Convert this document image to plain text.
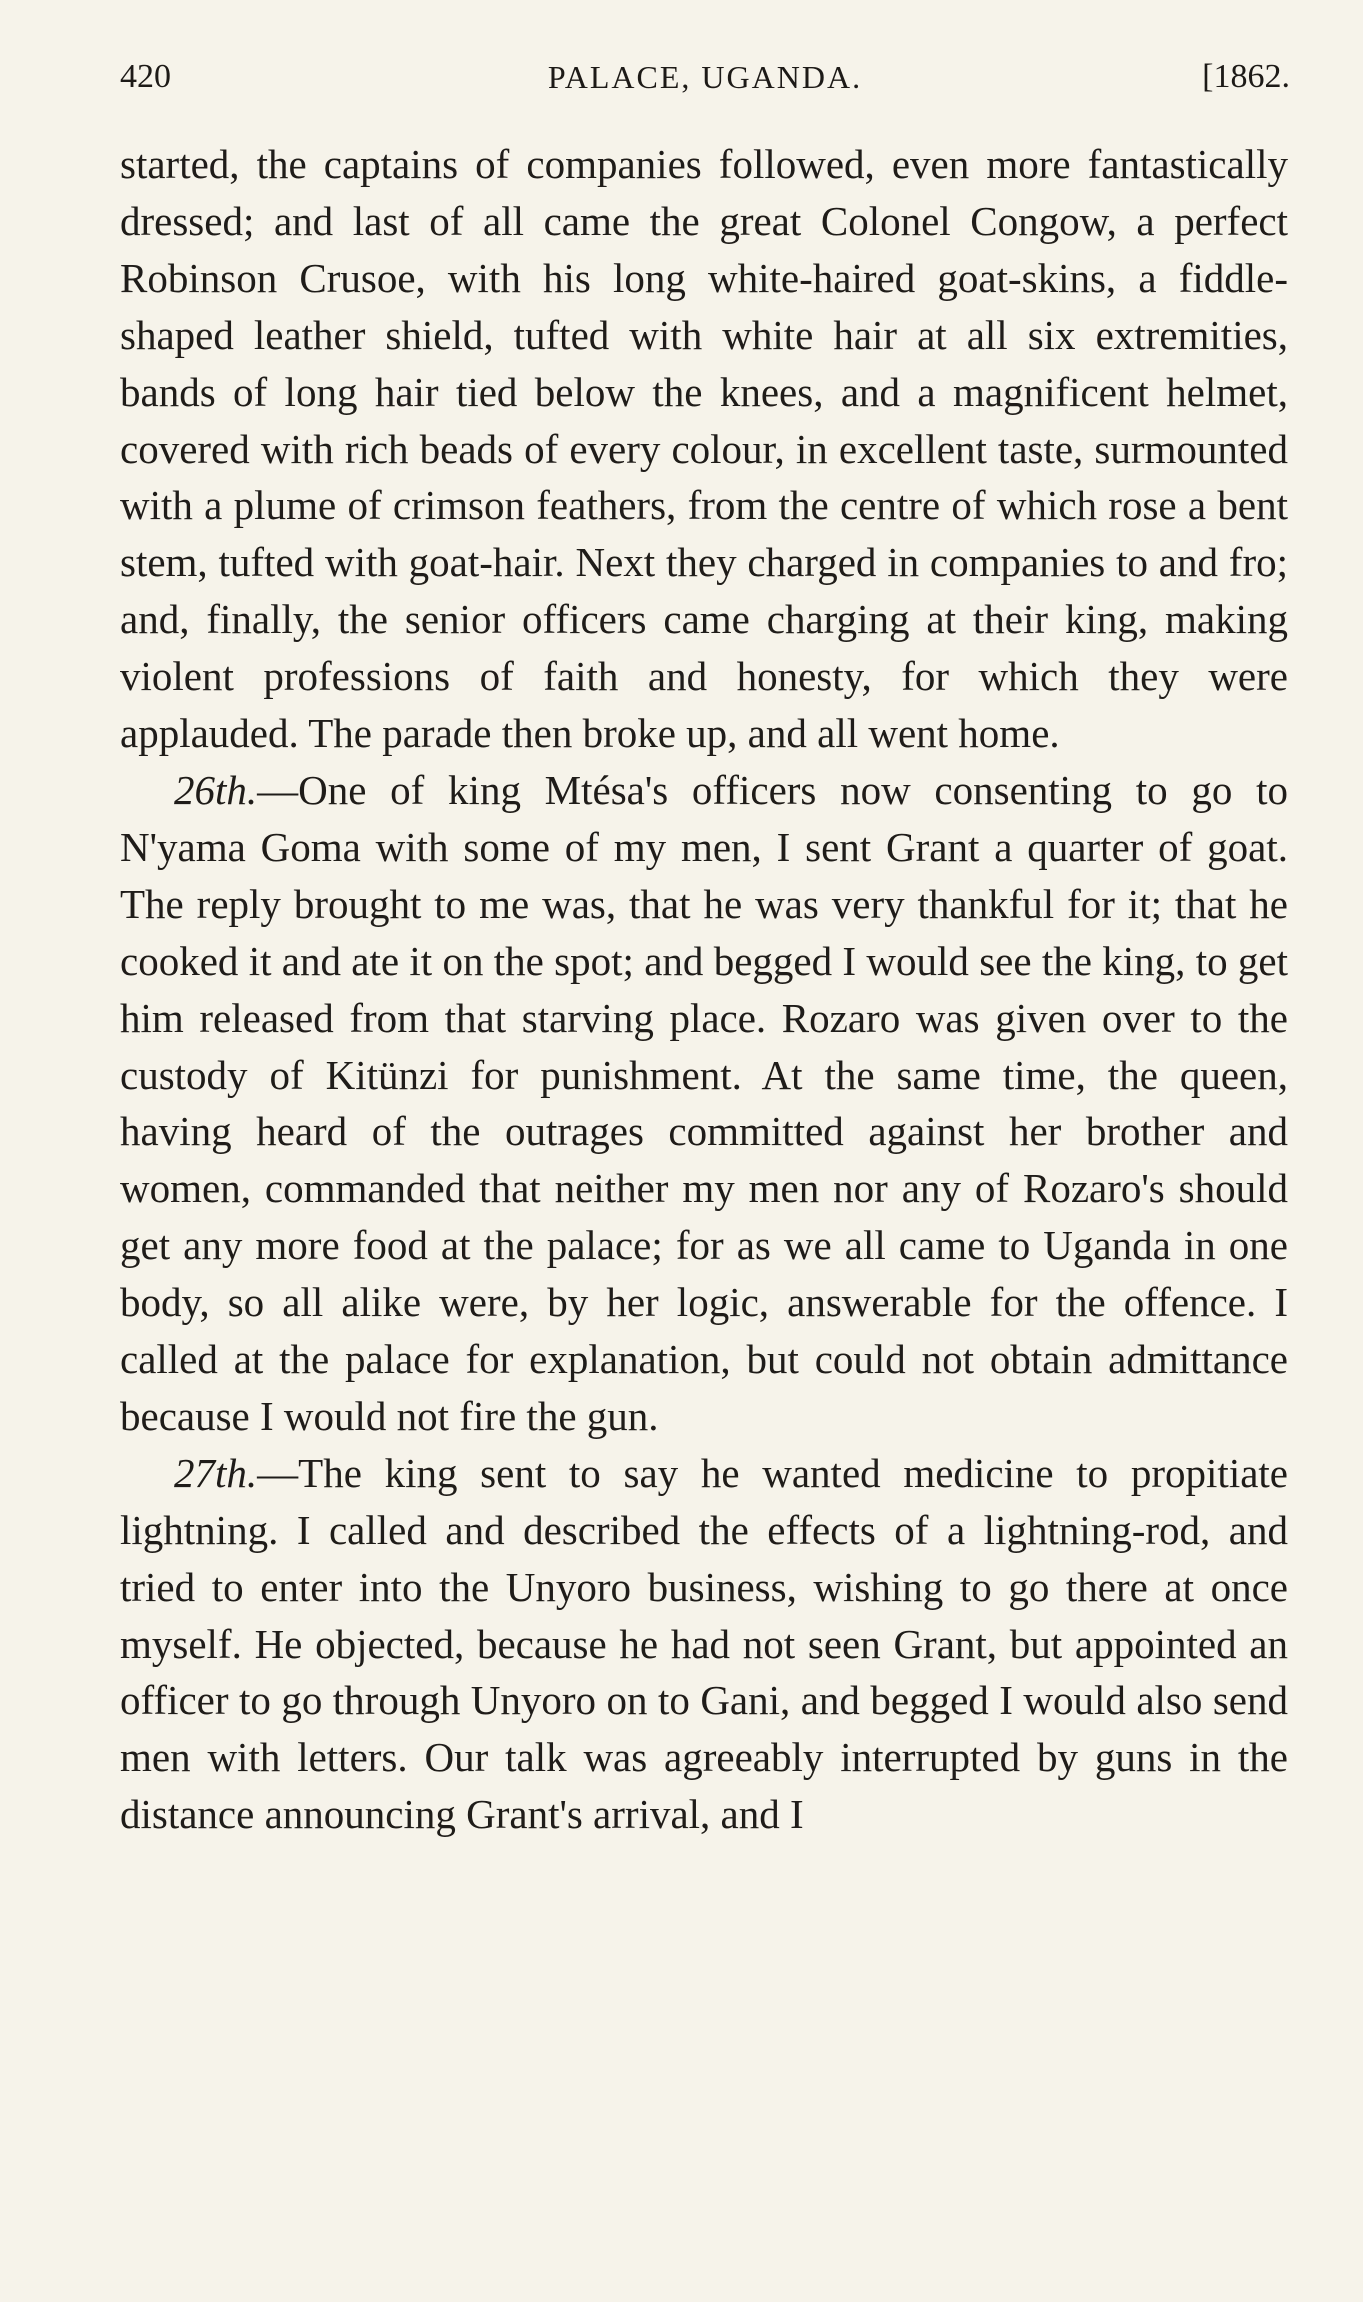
420	PALACE, UGANDA.	[1862.

started, the captains of companies followed, even more fantastically dressed; and last of all came the great Colonel Congow, a perfect Robinson Crusoe, with his long white-haired goat-skins, a fiddle-shaped leather shield, tufted with white hair at all six extremities, bands of long hair tied below the knees, and a magnificent helmet, covered with rich beads of every colour, in excellent taste, surmounted with a plume of crimson feathers, from the centre of which rose a bent stem, tufted with goat-hair. Next they charged in companies to and fro; and, finally, the senior officers came charging at their king, making violent professions of faith and honesty, for which they were applauded. The parade then broke up, and all went home.

26th.—One of king Mtésa's officers now consenting to go to N'yama Goma with some of my men, I sent Grant a quarter of goat. The reply brought to me was, that he was very thankful for it; that he cooked it and ate it on the spot; and begged I would see the king, to get him released from that starving place. Rozaro was given over to the custody of Kitünzi for punishment. At the same time, the queen, having heard of the outrages committed against her brother and women, commanded that neither my men nor any of Rozaro's should get any more food at the palace; for as we all came to Uganda in one body, so all alike were, by her logic, answerable for the offence. I called at the palace for explanation, but could not obtain admittance because I would not fire the gun.

27th.—The king sent to say he wanted medicine to propitiate lightning. I called and described the effects of a lightning-rod, and tried to enter into the Unyoro business, wishing to go there at once myself. He objected, because he had not seen Grant, but appointed an officer to go through Unyoro on to Gani, and begged I would also send men with letters. Our talk was agreeably interrupted by guns in the distance announcing Grant's arrival, and I
